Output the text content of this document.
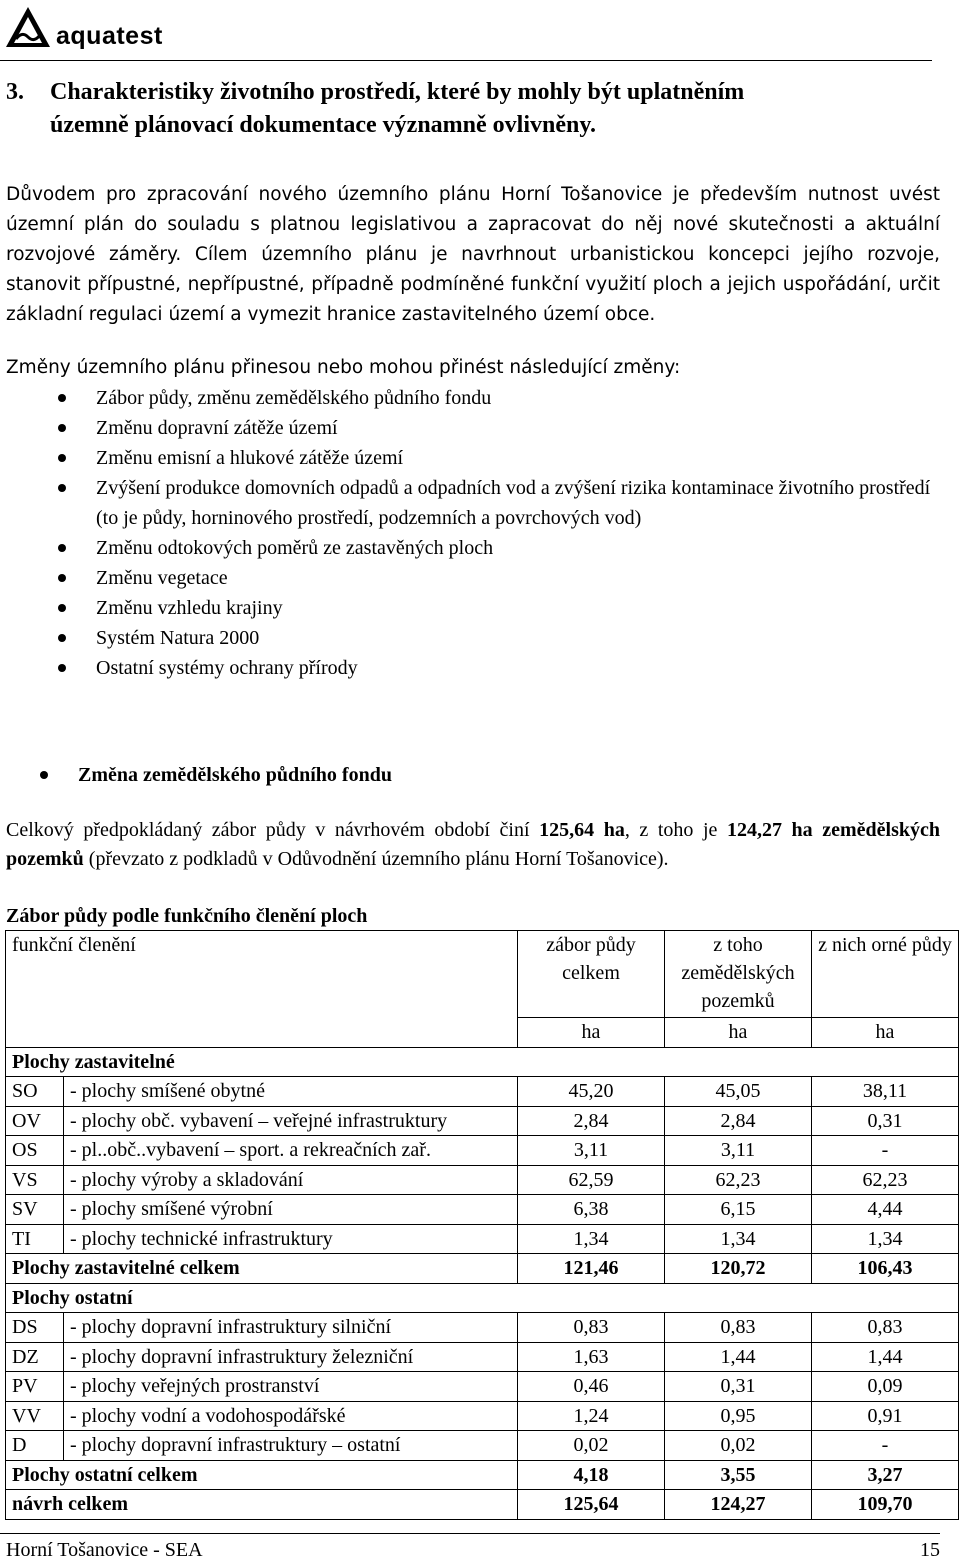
aquatest
3. Charakteristiky životního prostředí, které by mohly být uplatněním
územně plánovací dokumentace významně ovlivněny.
Důvodem pro zpracování nového územního plánu Horní Tošanovice je především nutnost uvést územní plán do souladu s platnou legislativou a zapracovat do něj nové skutečnosti a aktuální rozvojové záměry. Cílem územního plánu je navrhnout urbanistickou koncepci jejího rozvoje, stanovit přípustné, nepřípustné, případně podmíněné funkční využití ploch a jejich uspořádání, určit základní regulaci území a vymezit hranice zastavitelného území obce.
Změny územního plánu přinesou nebo mohou přinést následující změny:
Zábor půdy, změnu zemědělského půdního fondu
Změnu dopravní zátěže území
Změnu emisní a hlukové zátěže území
Zvýšení produkce domovních odpadů a odpadních vod a zvýšení rizika kontaminace životního prostředí (to je půdy, horninového prostředí, podzemních a povrchových vod)
Změnu odtokových poměrů ze zastavěných ploch
Změnu vegetace
Změnu vzhledu krajiny
Systém Natura 2000
Ostatní systémy ochrany přírody
Změna zemědělského půdního fondu
Celkový předpokládaný zábor půdy v návrhovém období činí 125,64 ha, z toho je 124,27 ha zemědělských pozemků (převzato z podkladů v Odůvodnění územního plánu Horní Tošanovice).
Zábor půdy podle funkčního členění ploch
funkční členění		zábor půdy celkem	z toho zemědělských pozemků	z nich orné půdy
		ha	ha	ha
Plochy zastavitelné				
SO	- plochy smíšené obytné	45,20	45,05	38,11
OV	- plochy obč. vybavení – veřejné infrastruktury	2,84	2,84	0,31
OS	- pl..obč..vybavení – sport. a rekreačních zař.	3,11	3,11	-
VS	- plochy výroby a skladování	62,59	62,23	62,23
SV	- plochy smíšené výrobní	6,38	6,15	4,44
TI	- plochy technické infrastruktury	1,34	1,34	1,34
Plochy zastavitelné celkem		121,46	120,72	106,43
Plochy ostatní				
DS	- plochy dopravní infrastruktury silniční	0,83	0,83	0,83
DZ	- plochy dopravní infrastruktury železniční	1,63	1,44	1,44
PV	- plochy veřejných prostranství	0,46	0,31	0,09
VV	- plochy vodní a vodohospodářské	1,24	0,95	0,91
D	- plochy dopravní infrastruktury – ostatní	0,02	0,02	-
Plochy ostatní celkem		4,18	3,55	3,27
návrh celkem		125,64	124,27	109,70
Horní Tošanovice - SEA	15
